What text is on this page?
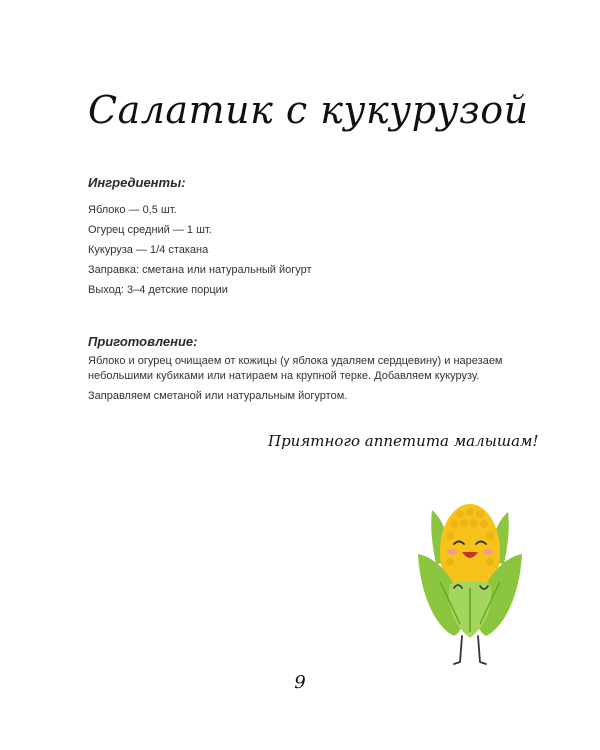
Салатик с кукурузой
Ингредиенты:
Яблоко — 0,5 шт.
Огурец средний — 1 шт.
Кукуруза — 1/4 стакана
Заправка: сметана или натуральный йогурт
Выход: 3–4 детские порции
Приготовление:

Яблоко и огурец очищаем от кожицы (у яблока удаляем сердцевину) и нарезаем небольшими кубиками или натираем на крупной терке. Добавляем кукурузу.

Заправляем сметаной или натуральным йогуртом.

Приятного аппетита малышам!

9
